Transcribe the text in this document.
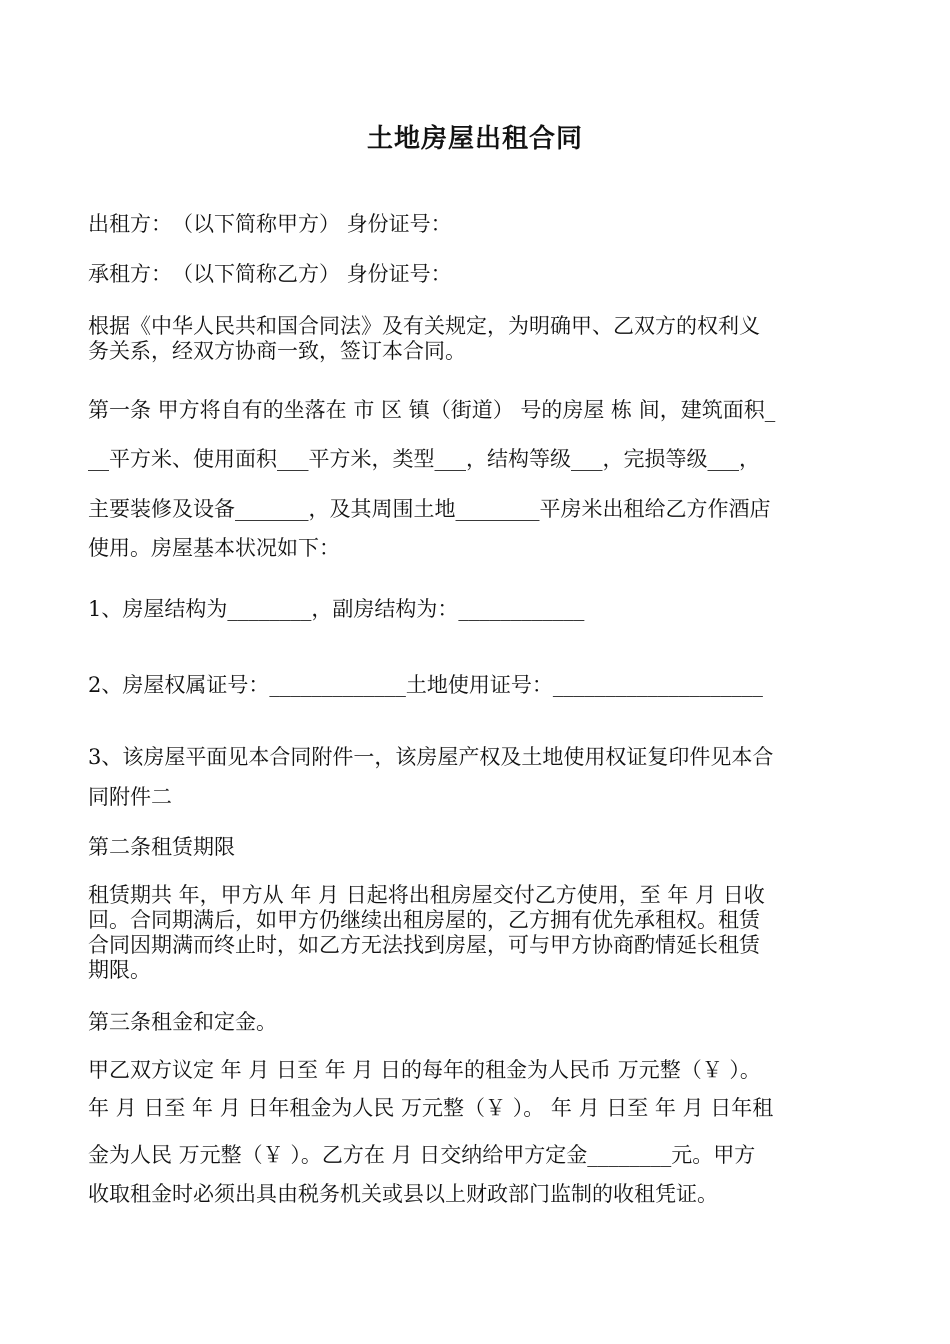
土地房屋出租合同

出租方：　（以下简称甲方） 身份证号：

承租方：　（以下简称乙方） 身份证号：

根据《中华人民共和国合同法》及有关规定，为明确甲、乙双方的权利义

务关系，经双方协商一致，签订本合同。

第一条 甲方将自有的坐落在 市 区 镇（街道） 号的房屋 栋 间，建筑面积_

__平方米、使用面积___平方米，类型___，结构等级___，完损等级___，

主要装修及设备_______，及其周围土地________平房米出租给乙方作酒店

使用。房屋基本状况如下：

1、房屋结构为________，副房结构为：____________

2、房屋权属证号：_____________土地使用证号：____________________

3、该房屋平面见本合同附件一，该房屋产权及土地使用权证复印件见本合

同附件二

第二条租赁期限

租赁期共 年，甲方从 年 月 日起将出租房屋交付乙方使用，至 年 月 日收

回。合同期满后，如甲方仍继续出租房屋的，乙方拥有优先承租权。租赁

合同因期满而终止时，如乙方无法找到房屋，可与甲方协商酌情延长租赁

期限。

第三条租金和定金。

甲乙双方议定 年 月 日至 年 月 日的每年的租金为人民币 万元整（￥ ）。

年 月 日至 年 月 日年租金为人民 万元整（￥ ）。 年 月 日至 年 月 日年租

金为人民 万元整（￥ ）。乙方在 月 日交纳给甲方定金________元。甲方

收取租金时必须出具由税务机关或县以上财政部门监制的收租凭证。
